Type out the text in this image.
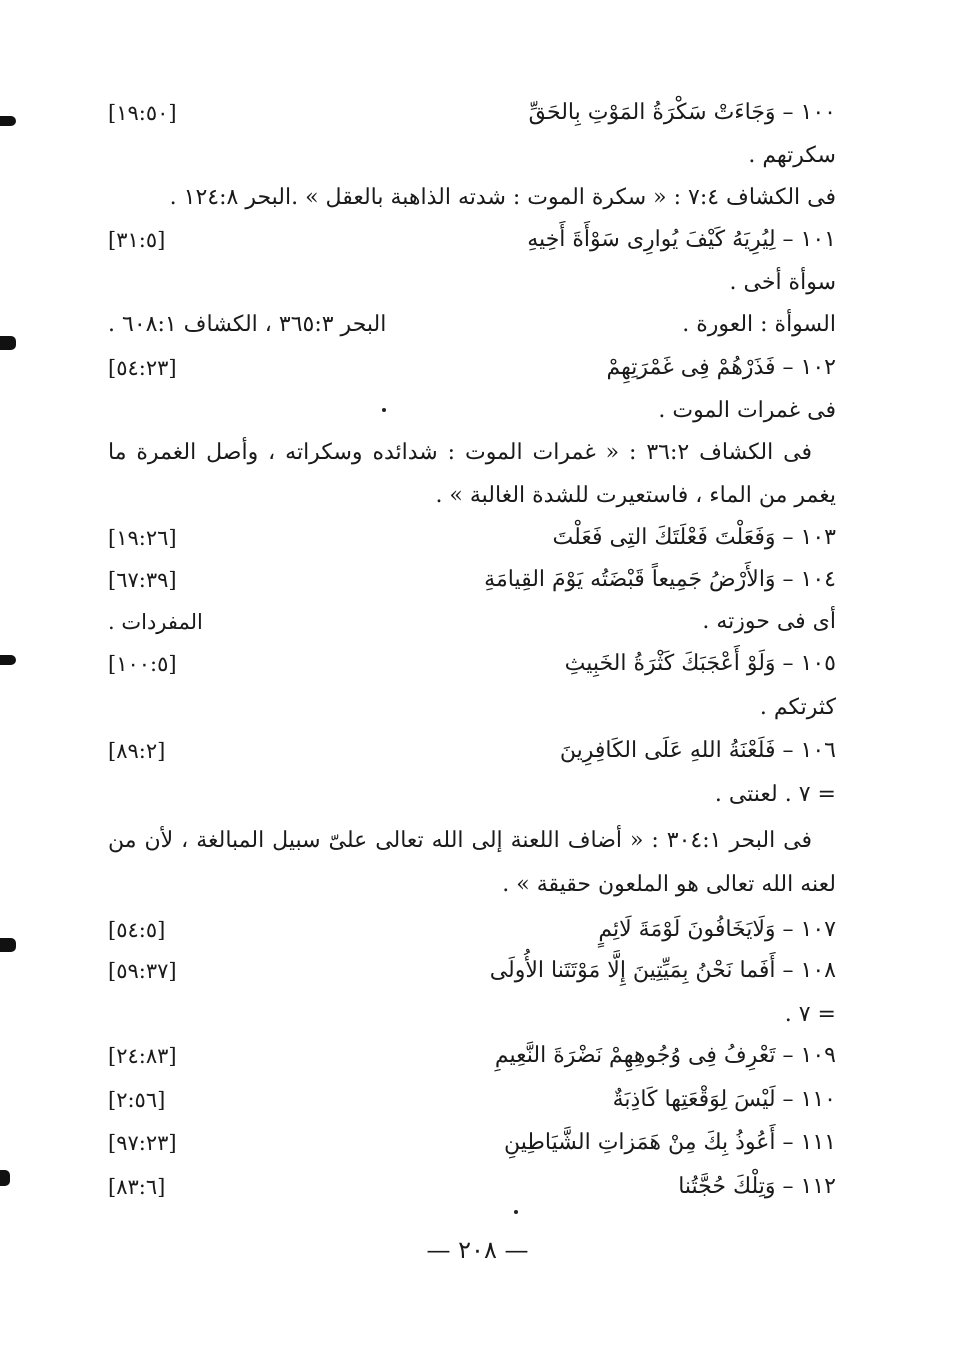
١٠٠ – وَجَاءَتْ سَكْرَةُ المَوْتِ بِالحَقِّ
[١٩:٥٠]
سكرتهم .
فى الكشاف ٧:٤ : « سكرة الموت : شدته الذاهبة بالعقل » .البحر ١٢٤:٨ .
١٠١ – لِيُرِيَهُ كَيْفَ يُوارِى سَوْأَةَ أَخِيهِ
[٣١:٥]
سوأة أخى .
السوأة : العورة .
البحر ٣٦٥:٣ ، الكشاف ٦٠٨:١ .
١٠٢ – فَذَرْهُمْ فِى غَمْرَتِهِمْ
[٥٤:٢٣]
فى غمرات الموت .
فى الكشاف ٣٦:٢ : « غمرات الموت : شدائده وسكراته ، وأصل الغمرة ما
يغمر من الماء ، فاستعيرت للشدة الغالبة » .
١٠٣ – وَفَعَلْتَ فَعْلَتَكَ التِى فَعَلْتَ
[١٩:٢٦]
١٠٤ – وَالأَرْضُ جَمِيعاً قَبْضَتُه يَوْمَ القِيامَةِ
[٦٧:٣٩]
أى فى حوزته .
المفردات .
١٠٥ – وَلَوْ أَعْجَبَكَ كَثْرَةُ الخَبِيثِ
[١٠٠:٥]
كثرتكم .
١٠٦ – فَلَعْنَةُ اللهِ عَلَى الكَافِرِينَ
[٨٩:٢]
= ٧ . لعنتى .
فى البحر ٣٠٤:١ : « أضاف اللعنة إلى الله تعالى علىّ سبيل المبالغة ، لأن من
لعنه الله تعالى هو الملعون حقيقة » .
١٠٧ – وَلَايَخَافُونَ لَوْمَةَ لَائِمٍ
[٥٤:٥]
١٠٨ – أَفَما نَحْنُ بِمَيِّتِينَ إِلَّا مَوْتَتَنا الأُولَى
[٥٩:٣٧]
= ٧ .
١٠٩ – تَعْرِفُ فِى وُجُوهِهِمْ نَضْرَةَ النَّعِيمِ
[٢٤:٨٣]
١١٠ – لَيْسَ لِوَقْعَتِها كَاذِبَةٌ
[٢:٥٦]
١١١ – أَعُوذُ بِكَ مِنْ هَمَزاتِ الشَّيَاطِينِ
[٩٧:٢٣]
١١٢ – وَتِلْكَ حُجَّتُنا
[٨٣:٦]
— ٢٠٨ —
